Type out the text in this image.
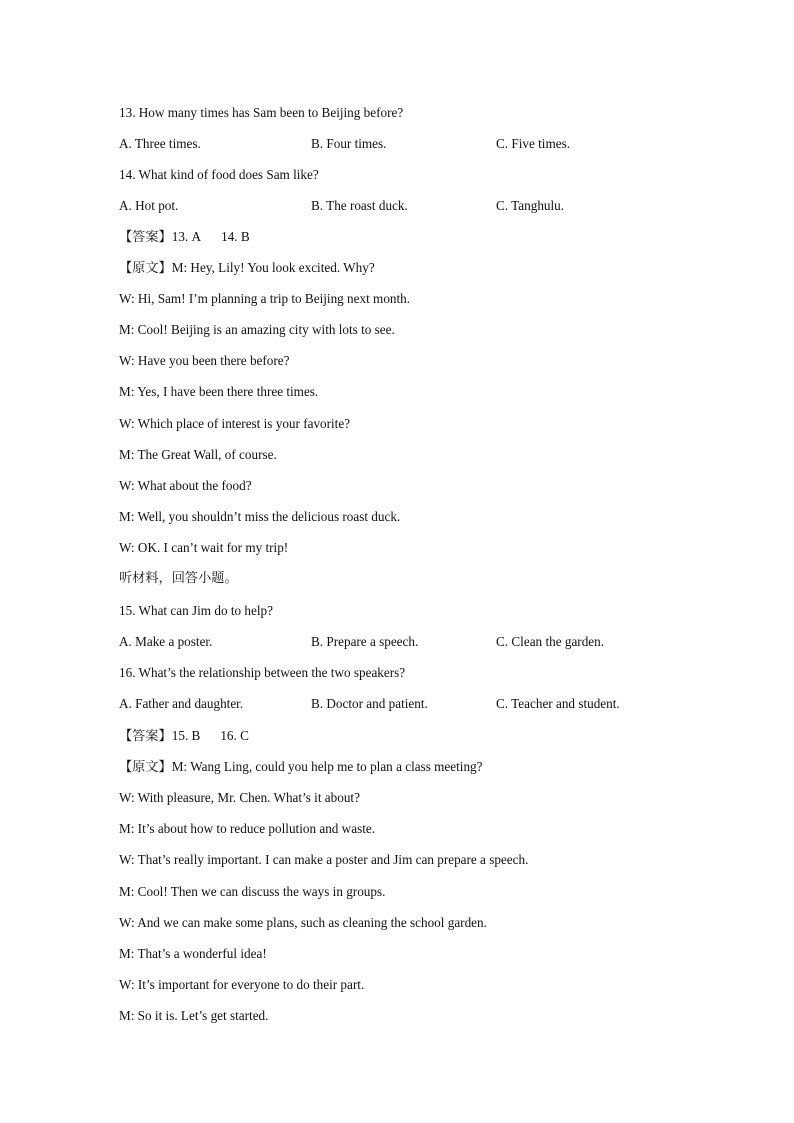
13. How many times has Sam been to Beijing before?
A. Three times.	B. Four times.	C. Five times.
14. What kind of food does Sam like?
A. Hot pot.	B. The roast duck.	C. Tanghulu.
【答案】13. A 14. B
【原文】M: Hey, Lily! You look excited. Why?
W: Hi, Sam! I’m planning a trip to Beijing next month.
M: Cool! Beijing is an amazing city with lots to see.
W: Have you been there before?
M: Yes, I have been there three times.
W: Which place of interest is your favorite?
M: The Great Wall, of course.
W: What about the food?
M: Well, you shouldn’t miss the delicious roast duck.
W: OK. I can’t wait for my trip!
听材料，回答小题。
15. What can Jim do to help?
A. Make a poster.	B. Prepare a speech.	C. Clean the garden.
16. What’s the relationship between the two speakers?
A. Father and daughter.	B. Doctor and patient.	C. Teacher and student.
【答案】15. B 16. C
【原文】M: Wang Ling, could you help me to plan a class meeting?
W: With pleasure, Mr. Chen. What’s it about?
M: It’s about how to reduce pollution and waste.
W: That’s really important. I can make a poster and Jim can prepare a speech.
M: Cool! Then we can discuss the ways in groups.
W: And we can make some plans, such as cleaning the school garden.
M: That’s a wonderful idea!
W: It’s important for everyone to do their part.
M: So it is. Let’s get started.
